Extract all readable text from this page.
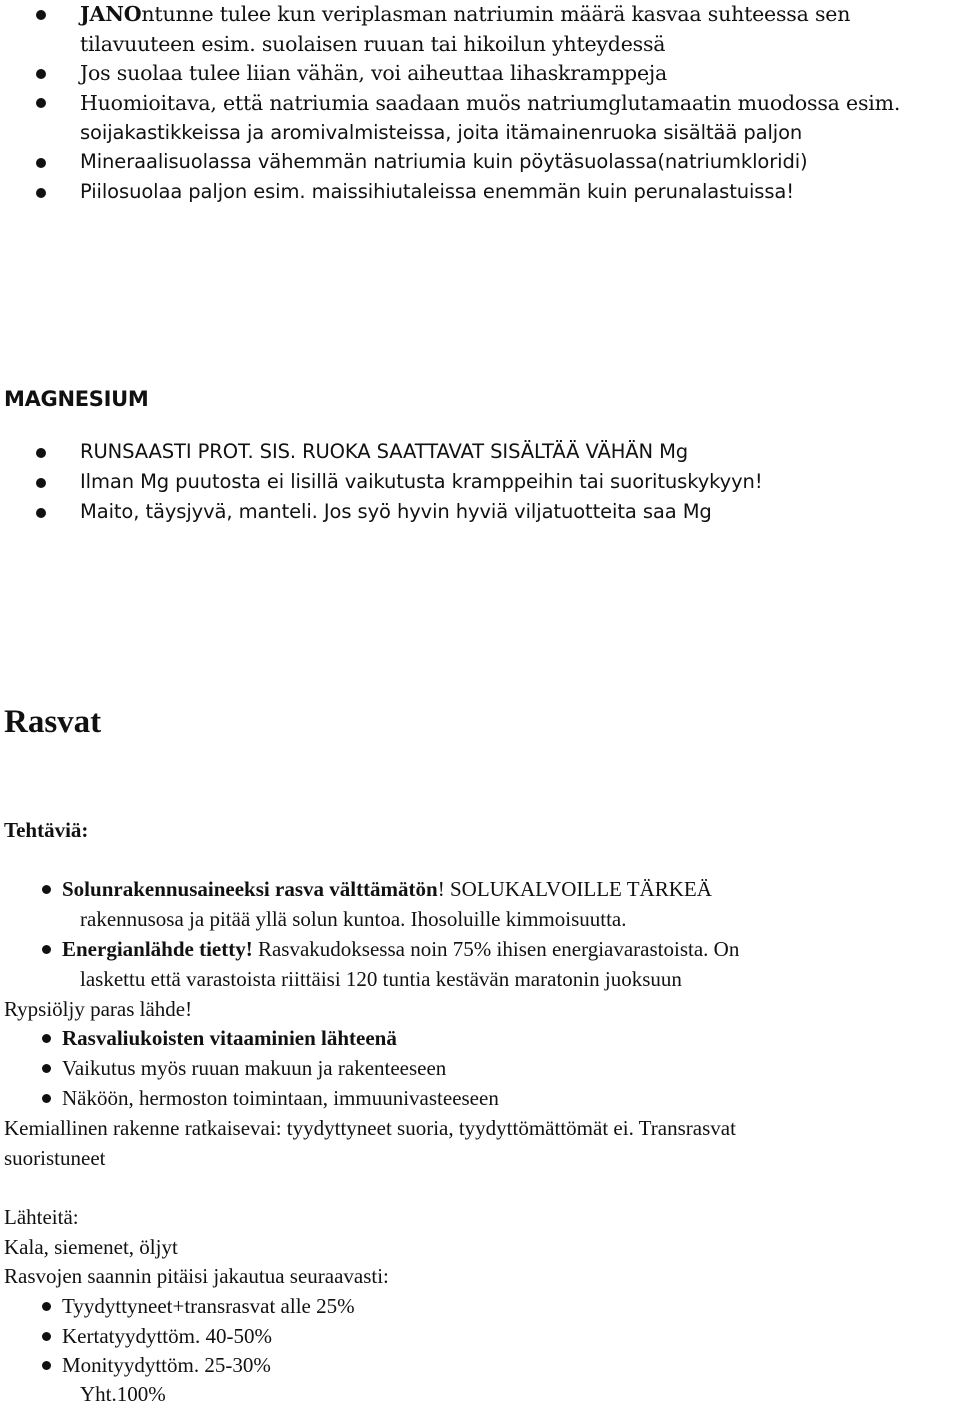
JANOntunne tulee kun veriplasman natriumin määrä kasvaa suhteessa sen
tilavuuteen esim. suolaisen ruuan tai hikoilun yhteydessä
Jos suolaa tulee liian vähän, voi aiheuttaa lihaskramppeja
Huomioitava, että natriumia saadaan muös natriumglutamaatin muodossa esim.
soijakastikkeissa ja aromivalmisteissa, joita itämainenruoka sisältää paljon
Mineraalisuolassa vähemmän natriumia kuin pöytäsuolassa(natriumkloridi)
Piilosuolaa paljon esim. maissihiutaleissa enemmän kuin perunalastuissa!
MAGNESIUM
RUNSAASTI PROT. SIS. RUOKA SAATTAVAT SISÄLTÄÄ VÄHÄN Mg
Ilman Mg puutosta ei lisillä vaikutusta kramppeihin tai suorituskykyyn!
Maito, täysjyvä, manteli. Jos syö hyvin hyviä viljatuotteita saa Mg
Rasvat
Tehtäviä:
Solunrakennusaineeksi rasva välttämätön! SOLUKALVOILLE TÄRKEÄ
rakennusosa ja pitää yllä solun kuntoa. Ihosoluille kimmoisuutta.
Energianlähde tietty! Rasvakudoksessa noin 75% ihisen energiavarastoista. On
laskettu että varastoista riittäisi 120 tuntia kestävän maratonin juoksuun
Rypsiöljy paras lähde!
Rasvaliukoisten vitaaminien lähteenä
Vaikutus myös ruuan makuun ja rakenteeseen
Näköön, hermoston toimintaan, immuunivasteeseen
Kemiallinen rakenne ratkaisevai: tyydyttyneet suoria, tyydyttömättömät ei. Transrasvat
suoristuneet
Lähteitä:
Kala, siemenet, öljyt
Rasvojen saannin pitäisi jakautua seuraavasti:
Tyydyttyneet+transrasvat alle 25%
Kertatyydyttöm. 40-50%
Monityydyttöm. 25-30%
Yht.100%
